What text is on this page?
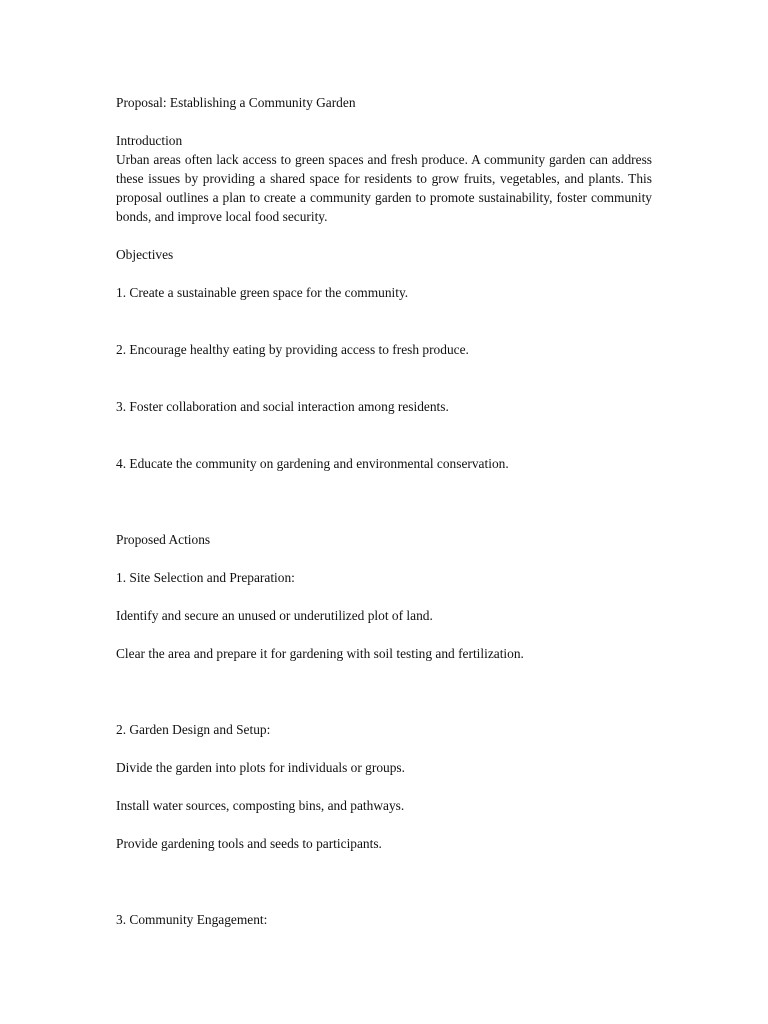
Proposal: Establishing a Community Garden

Introduction

Urban areas often lack access to green spaces and fresh produce. A community garden can address these issues by providing a shared space for residents to grow fruits, vegetables, and plants. This proposal outlines a plan to create a community garden to promote sustainability, foster community bonds, and improve local food security.

Objectives

1. Create a sustainable green space for the community.

2. Encourage healthy eating by providing access to fresh produce.

3. Foster collaboration and social interaction among residents.

4. Educate the community on gardening and environmental conservation.

Proposed Actions

1. Site Selection and Preparation:

Identify and secure an unused or underutilized plot of land.

Clear the area and prepare it for gardening with soil testing and fertilization.

2. Garden Design and Setup:

Divide the garden into plots for individuals or groups.

Install water sources, composting bins, and pathways.

Provide gardening tools and seeds to participants.

3. Community Engagement:
